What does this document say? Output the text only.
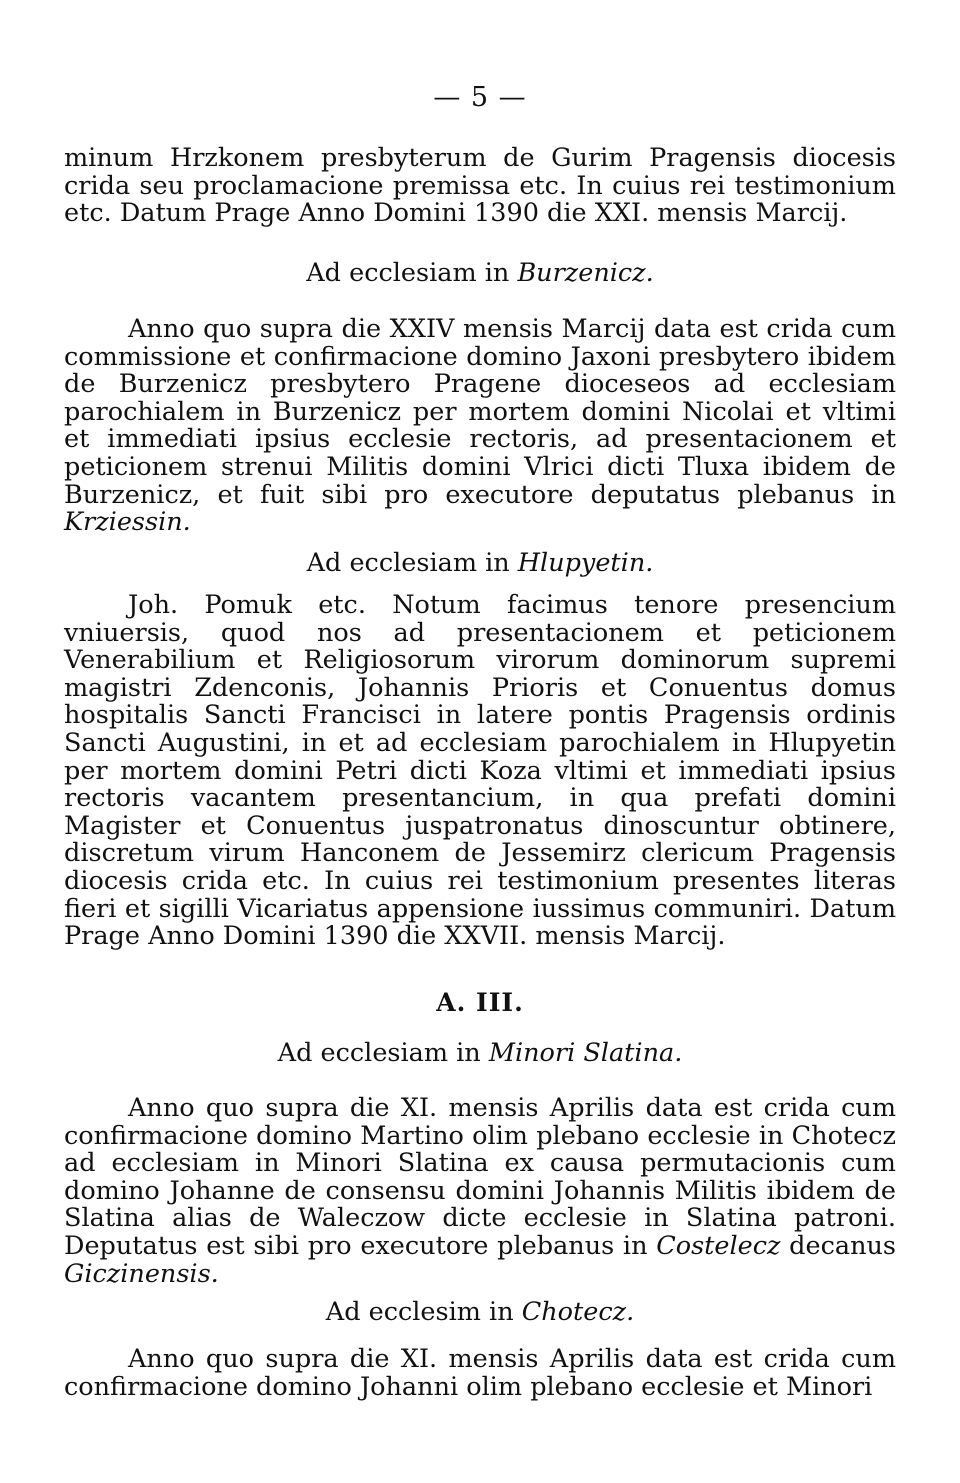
— 5 —

minum Hrzkonem presbyterum de Gurim Pragensis diocesis crida seu proclamacione premissa etc. In cuius rei testimonium etc. Datum Prage Anno Domini 1390 die XXI. mensis Marcij.

Ad ecclesiam in Burzenicz.

Anno quo supra die XXIV mensis Marcij data est crida cum commissione et confirmacione domino Jaxoni presbytero ibidem de Burzenicz presbytero Pragene dioceseos ad ecclesiam parochialem in Burzenicz per mortem domini Nicolai et vltimi et immediati ipsius ecclesie rectoris, ad presentacionem et peticionem strenui Militis domini Vlrici dicti Tluxa ibidem de Burzenicz, et fuit sibi pro executore deputatus plebanus in Krziessin.

Ad ecclesiam in Hlupyetin.

Joh. Pomuk etc. Notum facimus tenore presencium vniuersis, quod nos ad presentacionem et peticionem Venerabilium et Religiosorum virorum dominorum supremi magistri Zdenconis, Johannis Prioris et Conuentus domus hospitalis Sancti Francisci in latere pontis Pragensis ordinis Sancti Augustini, in et ad ecclesiam parochialem in Hlupyetin per mortem domini Petri dicti Koza vltimi et immediati ipsius rectoris vacantem presentancium, in qua prefati domini Magister et Conuentus juspatronatus dinoscuntur obtinere, discretum virum Hanconem de Jessemirz clericum Pragensis diocesis crida etc. In cuius rei testimonium presentes literas fieri et sigilli Vicariatus appensione iussimus communiri. Datum Prage Anno Domini 1390 die XXVII. mensis Marcij.

A. III.
Ad ecclesiam in Minori Slatina.

Anno quo supra die XI. mensis Aprilis data est crida cum confirmacione domino Martino olim plebano ecclesie in Chotecz ad ecclesiam in Minori Slatina ex causa permutacionis cum domino Johanne de consensu domini Johannis Militis ibidem de Slatina alias de Waleczow dicte ecclesie in Slatina patroni. Deputatus est sibi pro executore plebanus in Costelecz decanus Giczinensis.

Ad ecclesim in Chotecz.

Anno quo supra die XI. mensis Aprilis data est crida cum confirmacione domino Johanni olim plebano ecclesie et Minori
